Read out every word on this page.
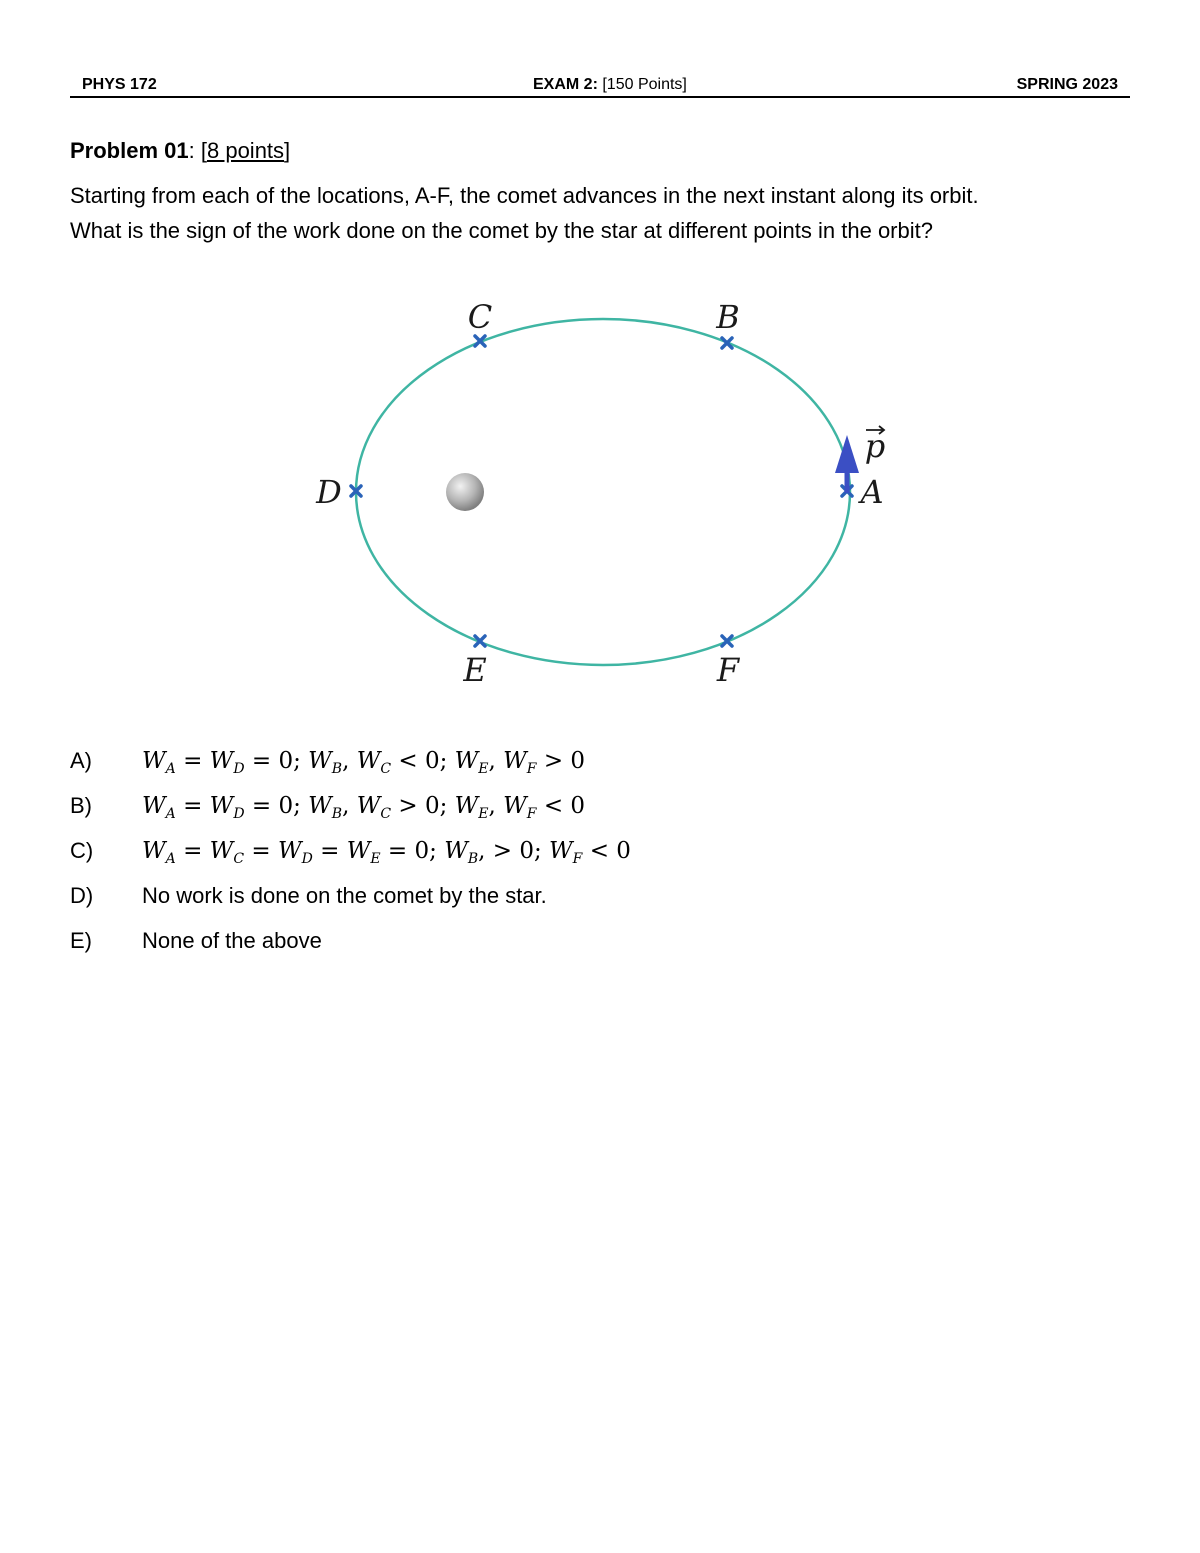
PHYS 172	EXAM 2: [150 Points]	SPRING 2023
Problem 01: [8 points]

Starting from each of the locations, A-F, the comet advances in the next instant along its orbit.

What is the sign of the work done on the comet by the star at different points in the orbit?

C	B
D	A
E	F
p
A)	$W_A = W_D = 0$; $W_B$, $W_C < 0$; $W_E$, $W_F > 0$
B)	$W_A = W_D = 0$; $W_B$, $W_C > 0$; $W_E$, $W_F < 0$
C)	$W_A = W_C = W_D = W_E = 0$; $W_B$, > 0; $W_F < 0$
D)	No work is done on the comet by the star.
E)	None of the above
